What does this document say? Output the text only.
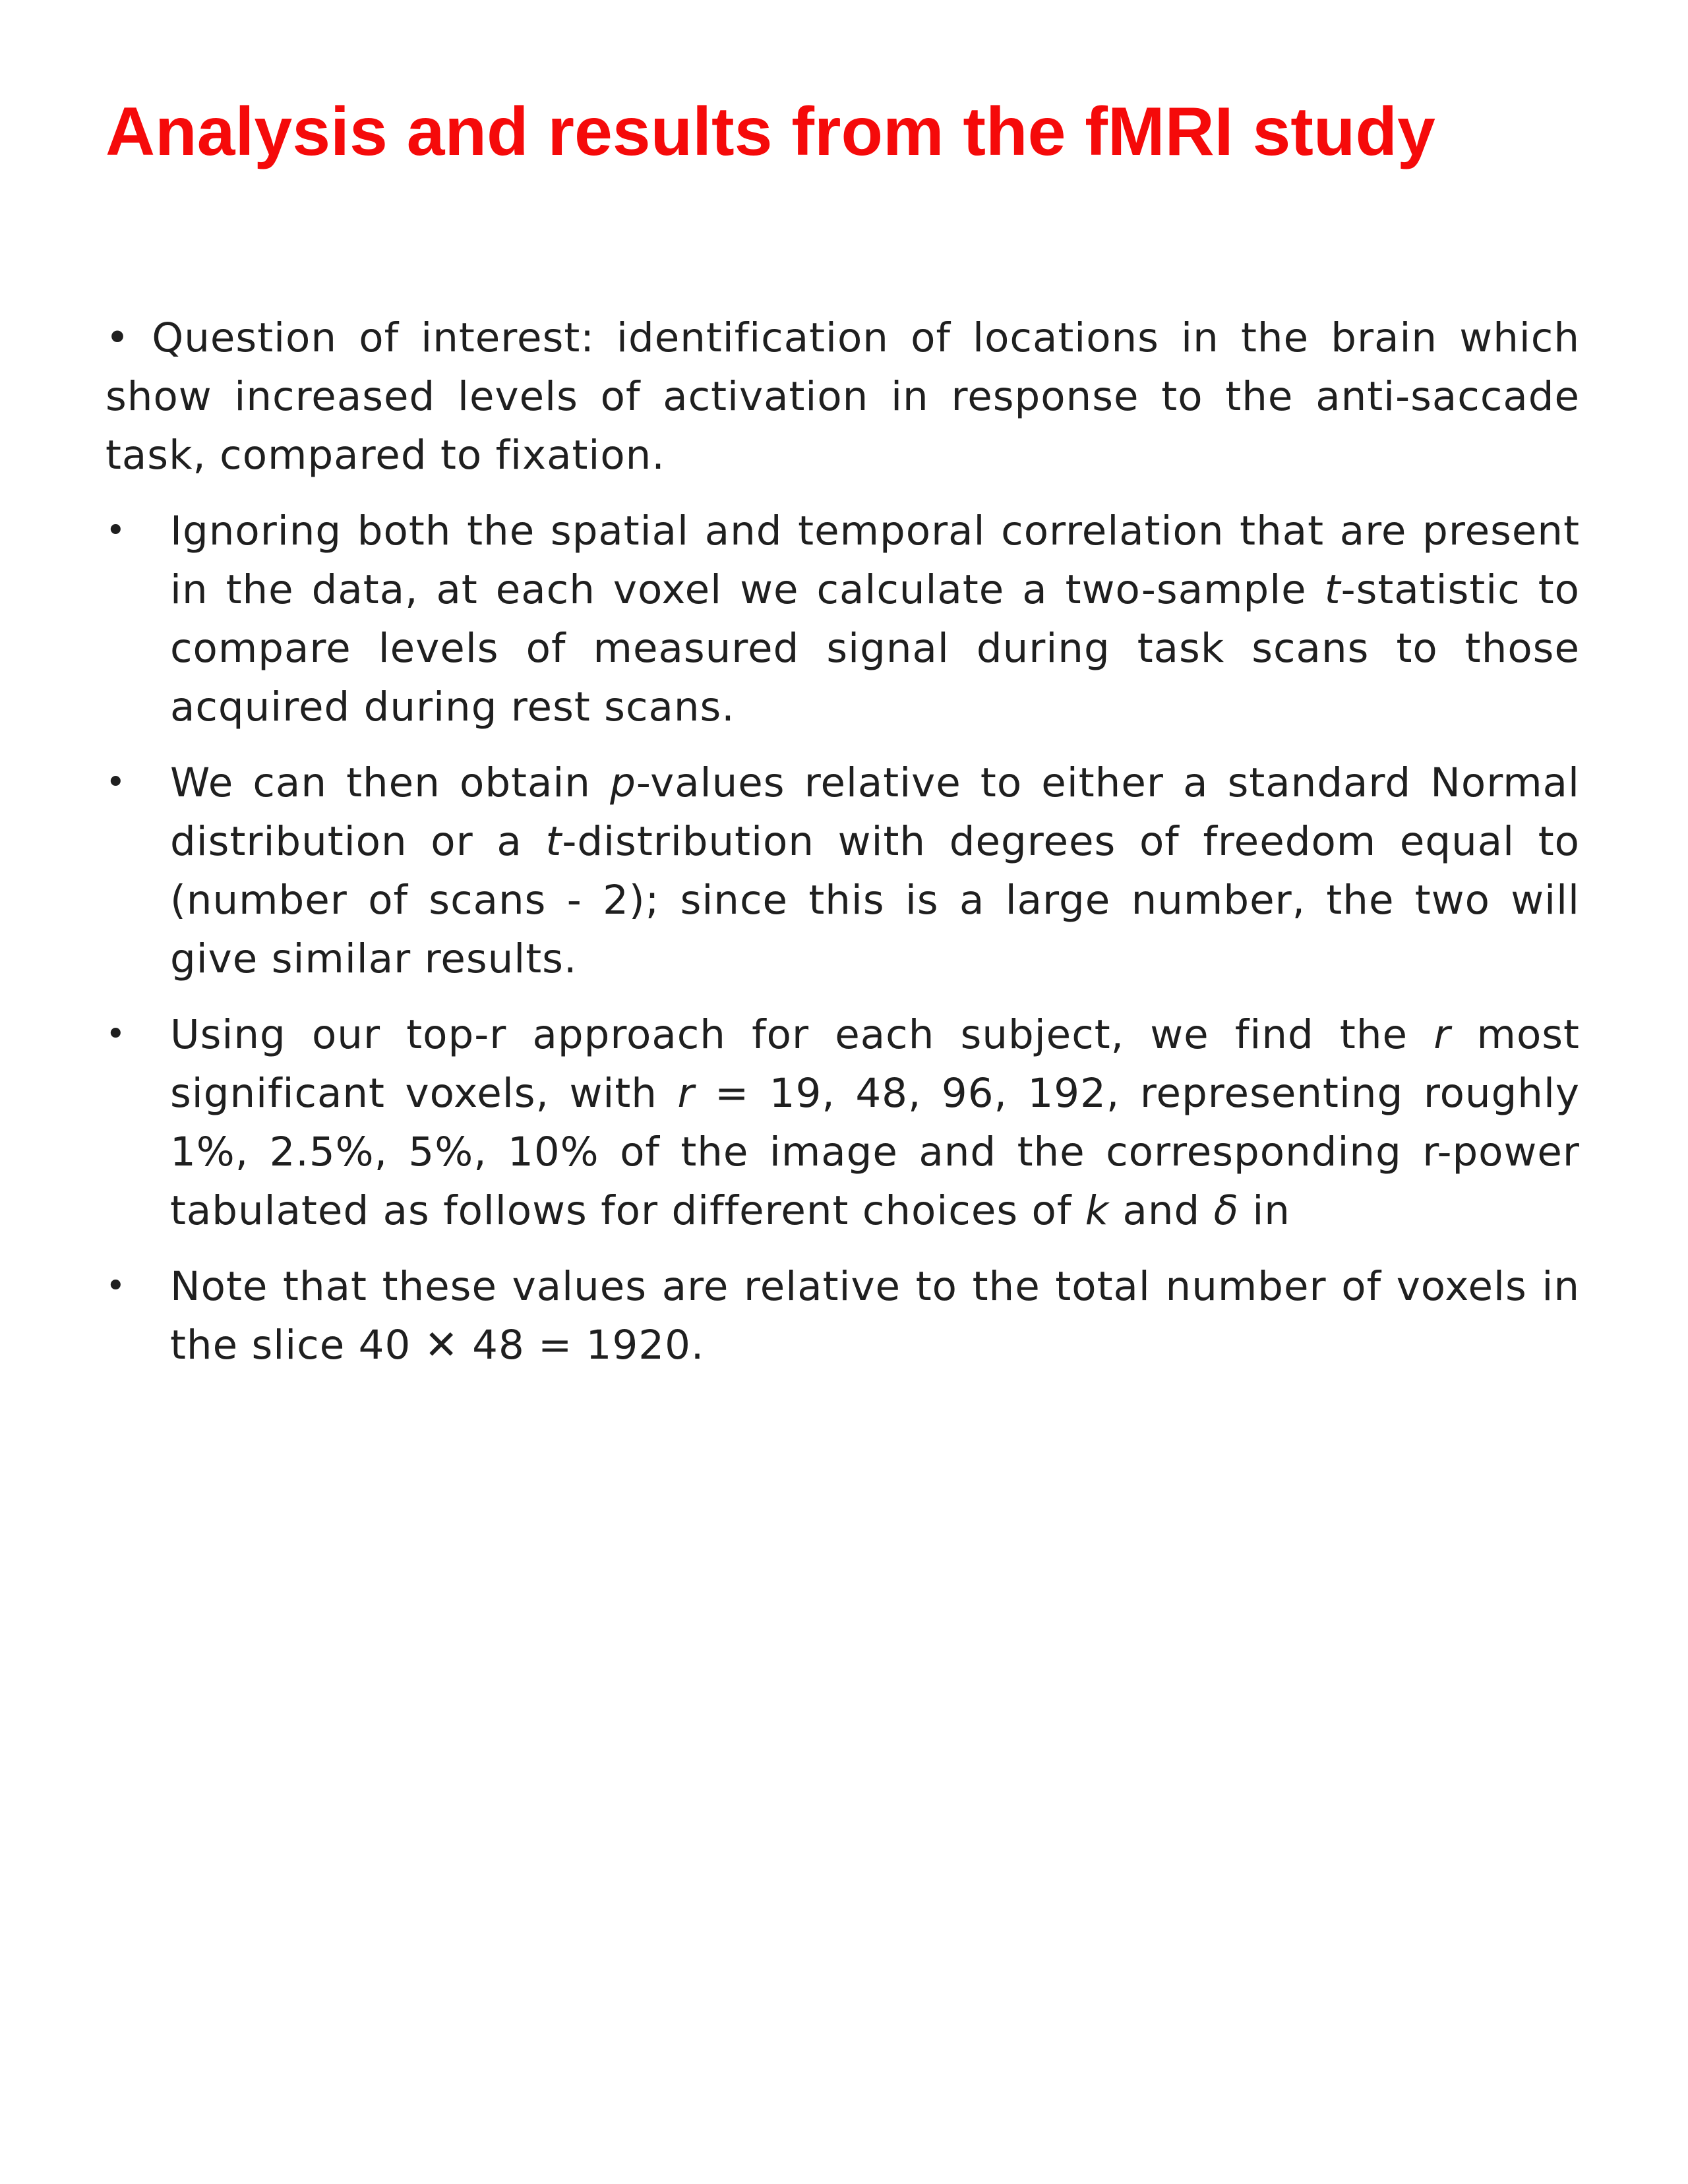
Analysis and results from the fMRI study

• Question of interest: identification of locations in the brain which show increased levels of activation in response to the anti-saccade task, compared to fixation.

• Ignoring both the spatial and temporal correlation that are present in the data, at each voxel we calculate a two-sample t-statistic to compare levels of measured signal during task scans to those acquired during rest scans.
• We can then obtain p-values relative to either a standard Normal distribution or a t-distribution with degrees of freedom equal to (number of scans - 2); since this is a large number, the two will give similar results.
• Using our top-r approach for each subject, we find the r most significant voxels, with r = 19, 48, 96, 192, representing roughly 1%, 2.5%, 5%, 10% of the image and the corresponding r-power tabulated as follows for different choices of k and δ in
• Note that these values are relative to the total number of voxels in the slice 40 ✕ 48 = 1920.
